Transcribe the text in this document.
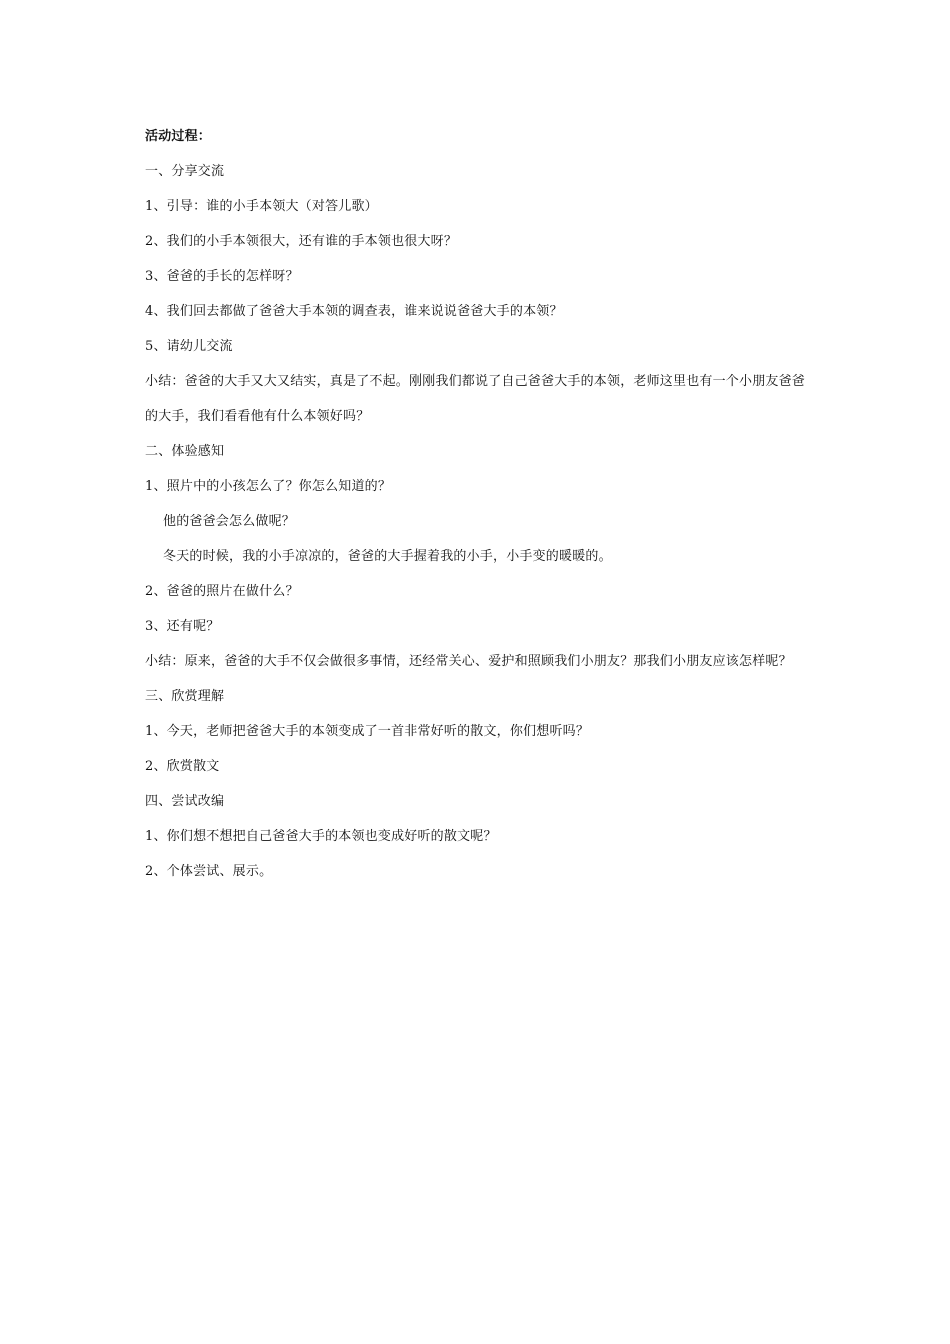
活动过程：
一、分享交流
1、引导：谁的小手本领大（对答儿歌）
2、我们的小手本领很大，还有谁的手本领也很大呀？
3、爸爸的手长的怎样呀？
4、我们回去都做了爸爸大手本领的调查表，谁来说说爸爸大手的本领？
5、请幼儿交流
小结：爸爸的大手又大又结实，真是了不起。刚刚我们都说了自己爸爸大手的本领，老师这里也有一个小朋友爸爸的大手，我们看看他有什么本领好吗？
二、体验感知
1、照片中的小孩怎么了？你怎么知道的？
他的爸爸会怎么做呢？
冬天的时候，我的小手凉凉的，爸爸的大手握着我的小手，小手变的暖暖的。
2、爸爸的照片在做什么？
3、还有呢？
小结：原来，爸爸的大手不仅会做很多事情，还经常关心、爱护和照顾我们小朋友？那我们小朋友应该怎样呢？
三、欣赏理解
1、今天，老师把爸爸大手的本领变成了一首非常好听的散文，你们想听吗？
2、欣赏散文
四、尝试改编
1、你们想不想把自己爸爸大手的本领也变成好听的散文呢？
2、个体尝试、展示。
